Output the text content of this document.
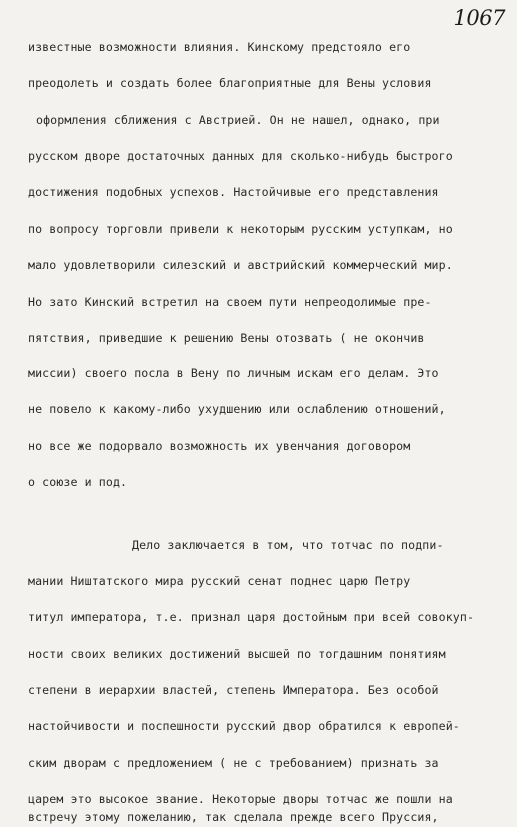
1067
известные возможности влияния. Кинскому предстояло его
преодолеть и создать более благоприятные для Вены условия
оформления сближения с Австрией. Он не нашел, однако, при
русском дворе достаточных данных для сколько-нибудь быстрого
достижения подобных успехов. Настойчивые его представления
по вопросу торговли привели к некоторым русским уступкам, но
мало удовлетворили силезский и австрийский коммерческий мир.
Но зато Кинский встретил на своем пути непреодолимые пре-
пятствия, приведшие к решению Вены отозвать ( не окончив
миссии) своего посла в Вену по личным искам его делам. Это
не повело к какому-либо ухудшению или ослаблению отношений,
но все же подорвало возможность их увенчания договором
о союзе и под.
Дело заключается в том, что тотчас по подпи-
мании Ништатского мира русский сенат поднес царю Петру
титул императора, т.е. признал царя достойным при всей совокуп-
ности своих великих достижений высшей по тогдашним понятиям
степени в иерархии властей, степень Императора. Без особой
настойчивости и поспешности русский двор обратился к европей-
ским дворам с предложением ( не с требованием) признать за
царем это высокое звание. Некоторые дворы тотчас же пошли на
встречу этому пожеланию, так сделала прежде всего Пруссия,
